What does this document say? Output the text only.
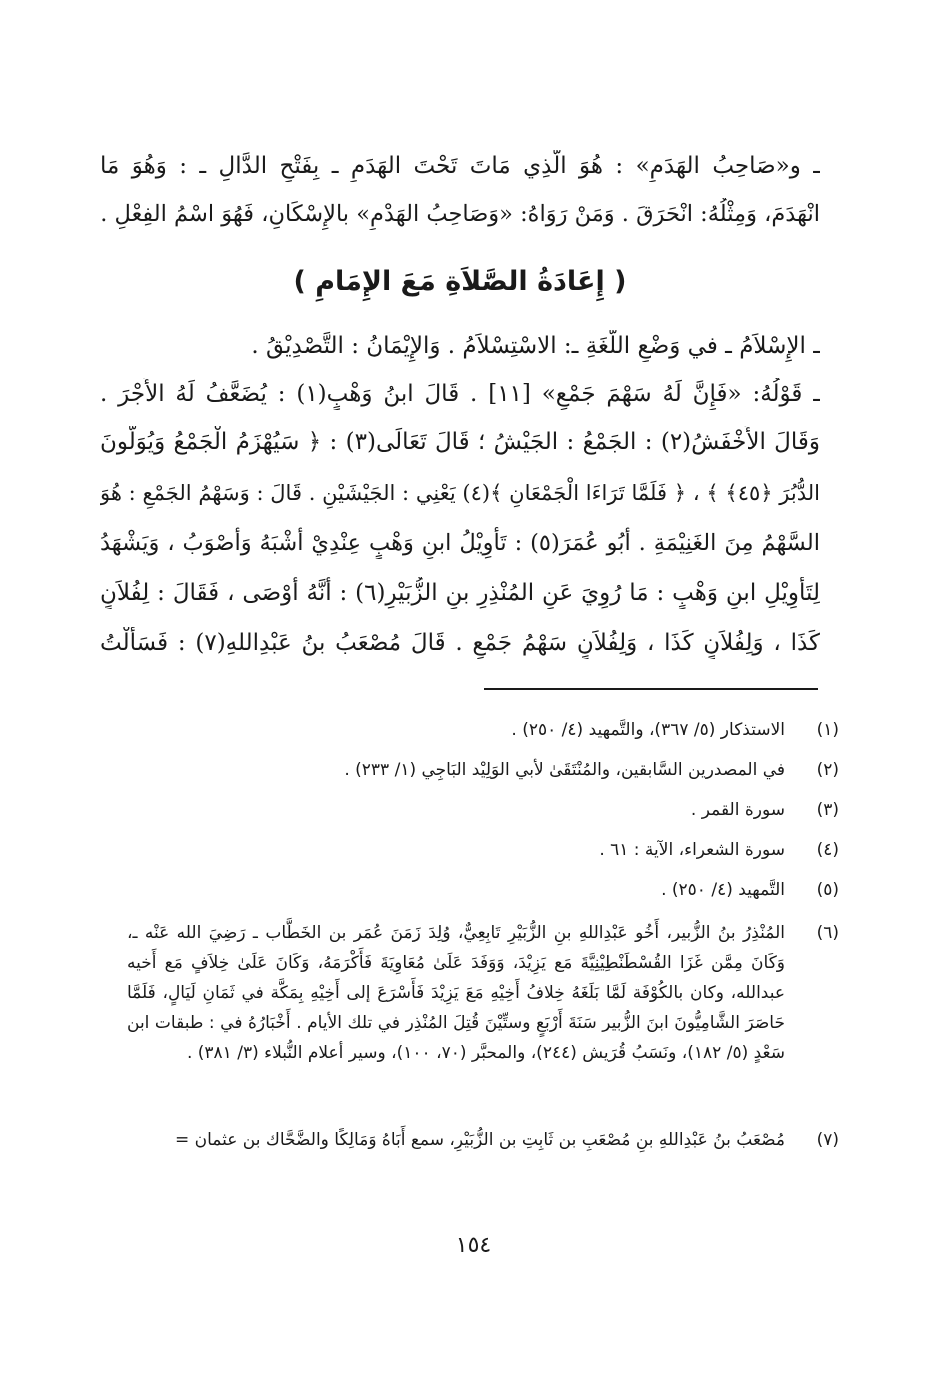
ـ و«صَاحِبُ الهَدَمِ» : هُوَ الَّذِي مَاتَ تَحْتَ الهَدَمِ ـ بِفَتْحِ الدَّالِ ـ : وَهُوَ مَا
انْهَدَمَ، وَمِثْلُهُ: انْحَرَقَ . وَمَنْ رَوَاهُ: «وَصَاحِبُ الهَدْمِ» بالإِسْكَانِ، فَهُوَ اسْمُ الفِعْلِ .
( إِعَادَةُ الصَّلاَةِ مَعَ الإِمَامِ )
ـ الإِسْلاَمُ ـ في وَضْعِ اللُّغَةِ ـ: الاسْتِسْلاَمُ . وَالإِيْمَانُ : التَّصْدِيْقُ .
ـ قَوْلُهُ: «فَإِنَّ لَهُ سَهْمَ جَمْعٍ» [١١] . قَالَ ابنُ وَهْبٍ(١) : يُضَعَّفُ لَهُ الأَجْرَ .
وَقَالَ الأَخْفَشُ(٢) : الجَمْعُ : الجَيْشُ ؛ قَالَ تَعَالَى(٣) : ﴿ سَيُهْزَمُ الْجَمْعُ وَيُوَلُّونَ
الدُّبُرَ ﴿٤٥﴾ ﴾ ، ﴿ فَلَمَّا تَرَاءَا الْجَمْعَانِ ﴾(٤) يَعْنِي : الجَيْشَيْنِ . قَالَ : وَسَهْمُ الجَمْعِ : هُوَ
السَّهْمُ مِنَ الغَنِيْمَةِ . أَبُو عُمَرَ(٥) : تَأْوِيْلُ ابنِ وَهْبٍ عِنْدِيْ أَشْبَهُ وَأَصْوَبُ ، وَيَشْهَدُ
لِتَأْوِيْلِ ابنِ وَهْبٍ : مَا رُوِيَ عَنِ المُنْذِرِ بنِ الزُّبَيْرِ(٦) : أَنَّهُ أَوْصَى ، فَقَالَ : لِفُلاَنٍ
كَذَا ، وَلِفُلاَنٍ كَذَا ، وَلِفُلاَنٍ سَهْمُ جَمْعٍ . قَالَ مُصْعَبُ بنُ عَبْدِاللهِ(٧) : فَسَأَلْتُ
(١)
الاستذكار (٥/ ٣٦٧)، والتَّمهيد (٤/ ٢٥٠) .
(٢)
في المصدرين السَّابقين، والمُنْتَقَىٰ لأبي الوَلِيْد البَاجِي (١/ ٢٣٣) .
(٣)
سورة القمر .
(٤)
سورة الشعراء، الآية : ٦١ .
(٥)
التَّمهيد (٤/ ٢٥٠) .
(٦)
المُنْذِرُ بنُ الزُّبير، أَخُو عَبْدِاللهِ بنِ الزُّبَيْرِ تَابِعِيٌّ، وُلِدَ زَمَنَ عُمَر بن الخَطَّاب ـ رَضِيَ الله عَنْه ـ، وَكَانَ مِمَّن غَزَا القُسْطَنْطِيْنِيَّةَ مَع يَزِيْدَ، وَوَفَدَ عَلَىٰ مُعَاوِيَةَ فَأَكْرَمَهُ، وَكَانَ عَلَىٰ خِلاَفٍ مَع أَخيه عبدالله، وكان بالكُوْفَة لَمَّا بَلَغَهُ خِلافُ أَخِيْهِ مَعَ يَزِيْدَ فَأَسْرَعَ إلى أَخِيْهِ بِمَكَّة في ثَمَانِ لَيَالٍ، فَلَمَّا حَاصَرَ الشَّامِيُّونَ ابنَ الزُّبير سَنَةَ أَرْبَعٍ وستِّيْنَ قُتِلَ المُنْذِر في تلك الأيام . أَخْبَارُهُ في : طبقات ابن سَعْدٍ (٥/ ١٨٢)، ونَسَبُ قُرَيش (٢٤٤)، والمحبَّر (٧٠، ١٠٠)، وسير أعلام النُّبلاء (٣/ ٣٨١) .
(٧)
مُصْعَبُ بنُ عَبْدِاللهِ بنِ مُصْعَبِ بن ثَابِتِ بن الزُّبَيْرِ، سمع أَبَاهُ وَمَالِكًا والضَّحَّاك بن عثمان =
١٥٤
